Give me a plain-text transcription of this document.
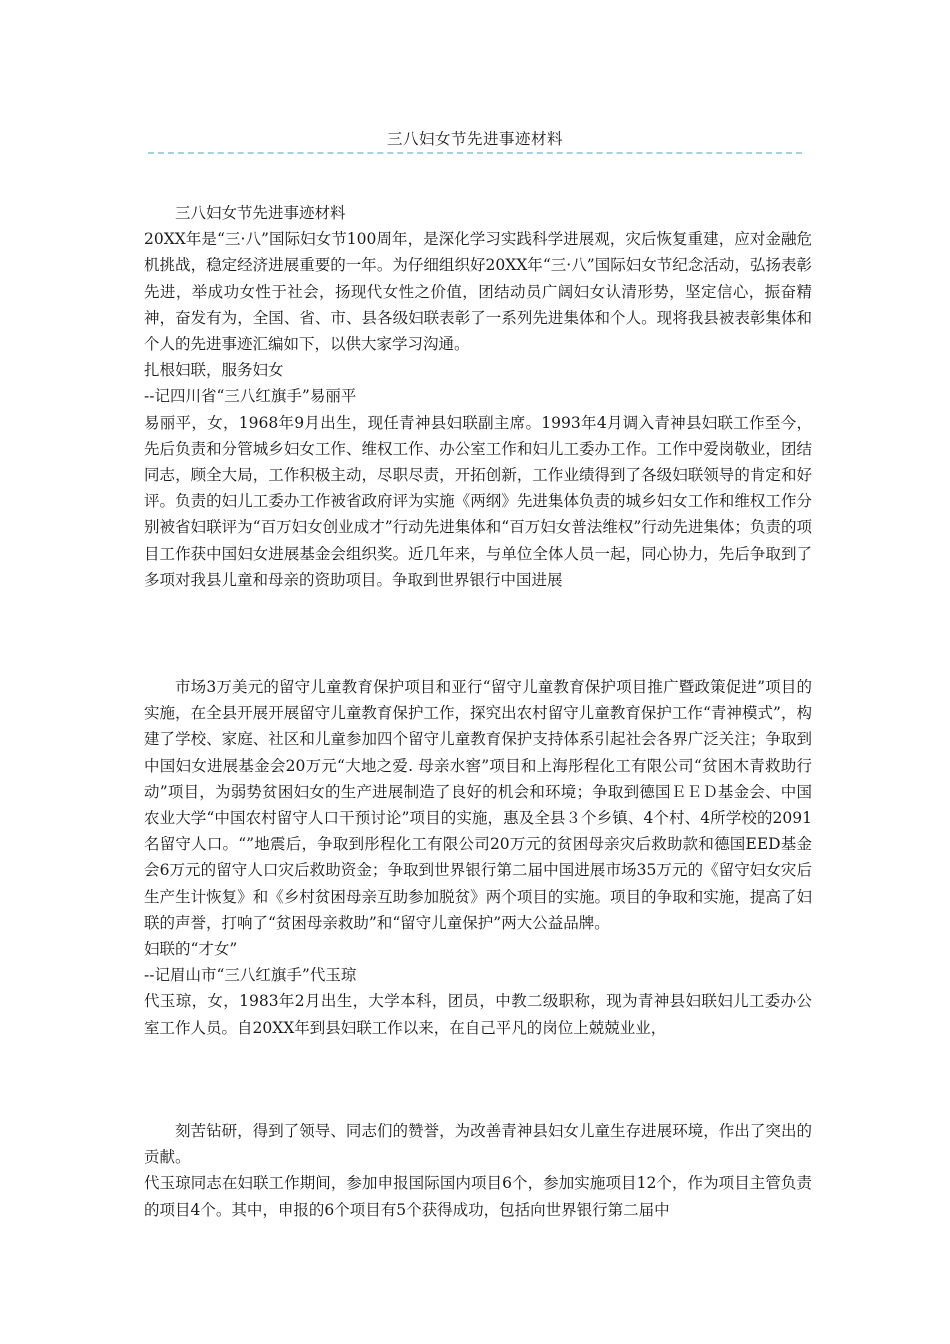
三八妇女节先进事迹材料

三八妇女节先进事迹材料

20XX年是“三·八”国际妇女节100周年，是深化学习实践科学进展观，灾后恢复重建，应对金融危机挑战，稳定经济进展重要的一年。为仔细组织好20XX年“三·八”国际妇女节纪念活动，弘扬表彰先进，举成功女性于社会，扬现代女性之价值，团结动员广阔妇女认清形势，坚定信心，振奋精神，奋发有为，全国、省、市、县各级妇联表彰了一系列先进集体和个人。现将我县被表彰集体和个人的先进事迹汇编如下，以供大家学习沟通。

扎根妇联，服务妇女

--记四川省“三八红旗手”易丽平

易丽平，女，1968年9月出生，现任青神县妇联副主席。1993年4月调入青神县妇联工作至今，先后负责和分管城乡妇女工作、维权工作、办公室工作和妇儿工委办工作。工作中爱岗敬业，团结同志，顾全大局，工作积极主动，尽职尽责，开拓创新，工作业绩得到了各级妇联领导的肯定和好评。负责的妇儿工委办工作被省政府评为实施《两纲》先进集体负责的城乡妇女工作和维权工作分别被省妇联评为“百万妇女创业成才”行动先进集体和“百万妇女普法维权”行动先进集体；负责的项目工作获中国妇女进展基金会组织奖。近几年来，与单位全体人员一起，同心协力，先后争取到了多项对我县儿童和母亲的资助项目。争取到世界银行中国进展

市场3万美元的留守儿童教育保护项目和亚行“留守儿童教育保护项目推广暨政策促进”项目的实施，在全县开展开展留守儿童教育保护工作，探究出农村留守儿童教育保护工作“青神模式”，构建了学校、家庭、社区和儿童参加四个留守儿童教育保护支持体系引起社会各界广泛关注；争取到中国妇女进展基金会20万元“大地之爱. 母亲水窖”项目和上海彤程化工有限公司“贫困木青救助行动”项目，为弱势贫困妇女的生产进展制造了良好的机会和环境；争取到德国ＥＥＤ基金会、中国农业大学“中国农村留守人口干预讨论”项目的实施，惠及全县３个乡镇、4个村、4所学校的2091名留守人口。“”地震后，争取到彤程化工有限公司20万元的贫困母亲灾后救助款和德国EED基金会6万元的留守人口灾后救助资金；争取到世界银行第二届中国进展市场35万元的《留守妇女灾后生产生计恢复》和《乡村贫困母亲互助参加脱贫》两个项目的实施。项目的争取和实施，提高了妇联的声誉，打响了“贫困母亲救助”和“留守儿童保护”两大公益品牌。

妇联的“才女”

--记眉山市“三八红旗手”代玉琼

代玉琼，女，1983年2月出生，大学本科，团员，中教二级职称，现为青神县妇联妇儿工委办公室工作人员。自20XX年到县妇联工作以来，在自己平凡的岗位上兢兢业业，

刻苦钻研，得到了领导、同志们的赞誉，为改善青神县妇女儿童生存进展环境，作出了突出的贡献。

代玉琼同志在妇联工作期间，参加申报国际国内项目6个，参加实施项目12个，作为项目主管负责的项目4个。其中，申报的6个项目有5个获得成功，包括向世界银行第二届中
